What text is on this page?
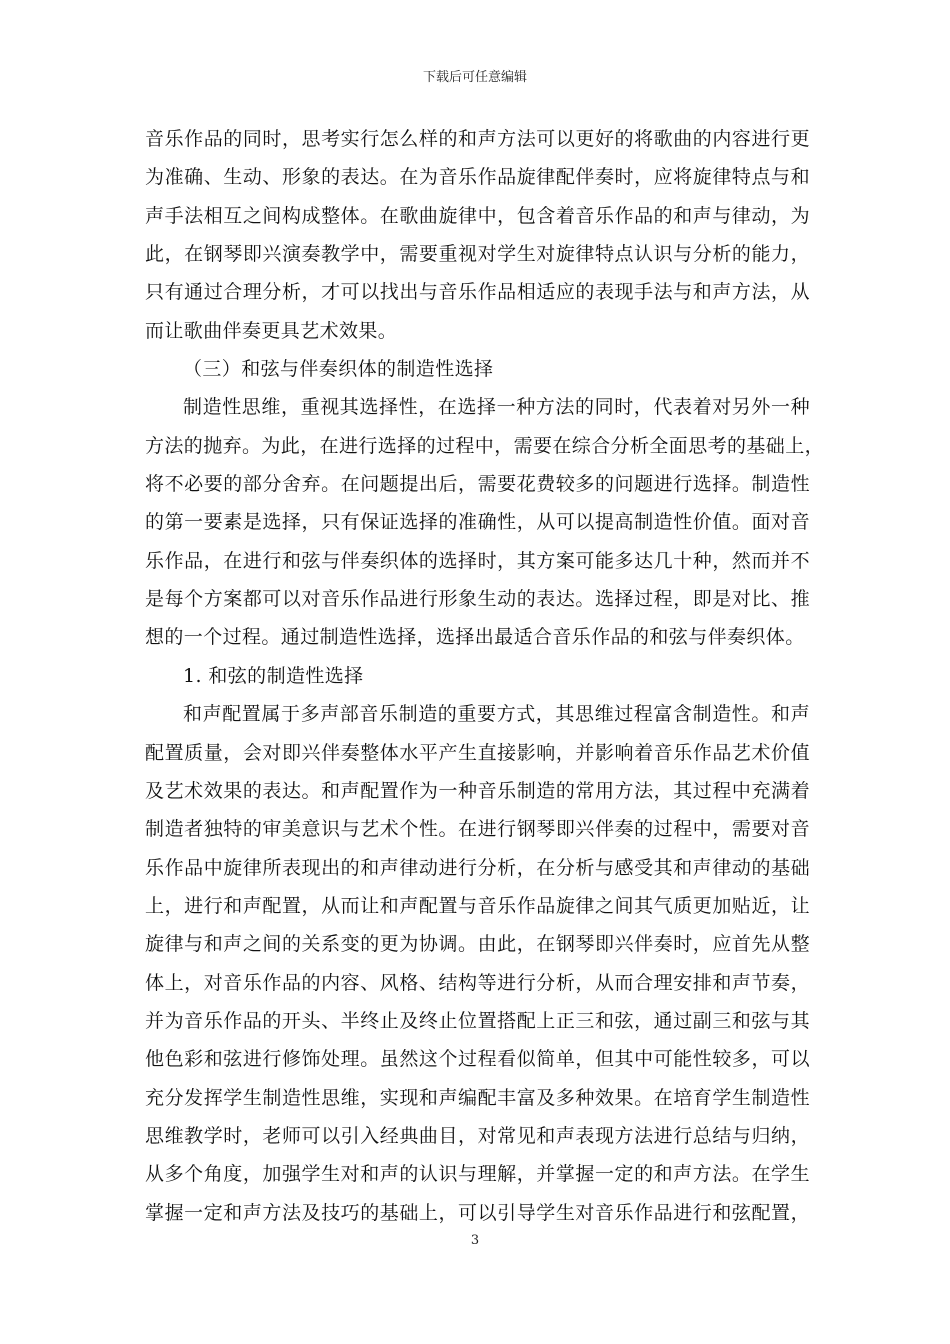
下载后可任意编辑
音乐作品的同时，思考实行怎么样的和声方法可以更好的将歌曲的内容进行更
为准确、生动、形象的表达。在为音乐作品旋律配伴奏时，应将旋律特点与和
声手法相互之间构成整体。在歌曲旋律中，包含着音乐作品的和声与律动，为
此，在钢琴即兴演奏教学中，需要重视对学生对旋律特点认识与分析的能力，
只有通过合理分析，才可以找出与音乐作品相适应的表现手法与和声方法，从
而让歌曲伴奏更具艺术效果。
（三）和弦与伴奏织体的制造性选择
制造性思维，重视其选择性，在选择一种方法的同时，代表着对另外一种
方法的抛弃。为此，在进行选择的过程中，需要在综合分析全面思考的基础上，
将不必要的部分舍弃。在问题提出后，需要花费较多的问题进行选择。制造性
的第一要素是选择，只有保证选择的准确性，从可以提高制造性价值。面对音
乐作品，在进行和弦与伴奏织体的选择时，其方案可能多达几十种，然而并不
是每个方案都可以对音乐作品进行形象生动的表达。选择过程，即是对比、推
想的一个过程。通过制造性选择，选择出最适合音乐作品的和弦与伴奏织体。
1. 和弦的制造性选择
和声配置属于多声部音乐制造的重要方式，其思维过程富含制造性。和声
配置质量，会对即兴伴奏整体水平产生直接影响，并影响着音乐作品艺术价值
及艺术效果的表达。和声配置作为一种音乐制造的常用方法，其过程中充满着
制造者独特的审美意识与艺术个性。在进行钢琴即兴伴奏的过程中，需要对音
乐作品中旋律所表现出的和声律动进行分析，在分析与感受其和声律动的基础
上，进行和声配置，从而让和声配置与音乐作品旋律之间其气质更加贴近，让
旋律与和声之间的关系变的更为协调。由此，在钢琴即兴伴奏时，应首先从整
体上，对音乐作品的内容、风格、结构等进行分析，从而合理安排和声节奏，
并为音乐作品的开头、半终止及终止位置搭配上正三和弦，通过副三和弦与其
他色彩和弦进行修饰处理。虽然这个过程看似简单，但其中可能性较多，可以
充分发挥学生制造性思维，实现和声编配丰富及多种效果。在培育学生制造性
思维教学时，老师可以引入经典曲目，对常见和声表现方法进行总结与归纳，
从多个角度，加强学生对和声的认识与理解，并掌握一定的和声方法。在学生
掌握一定和声方法及技巧的基础上，可以引导学生对音乐作品进行和弦配置，
3
